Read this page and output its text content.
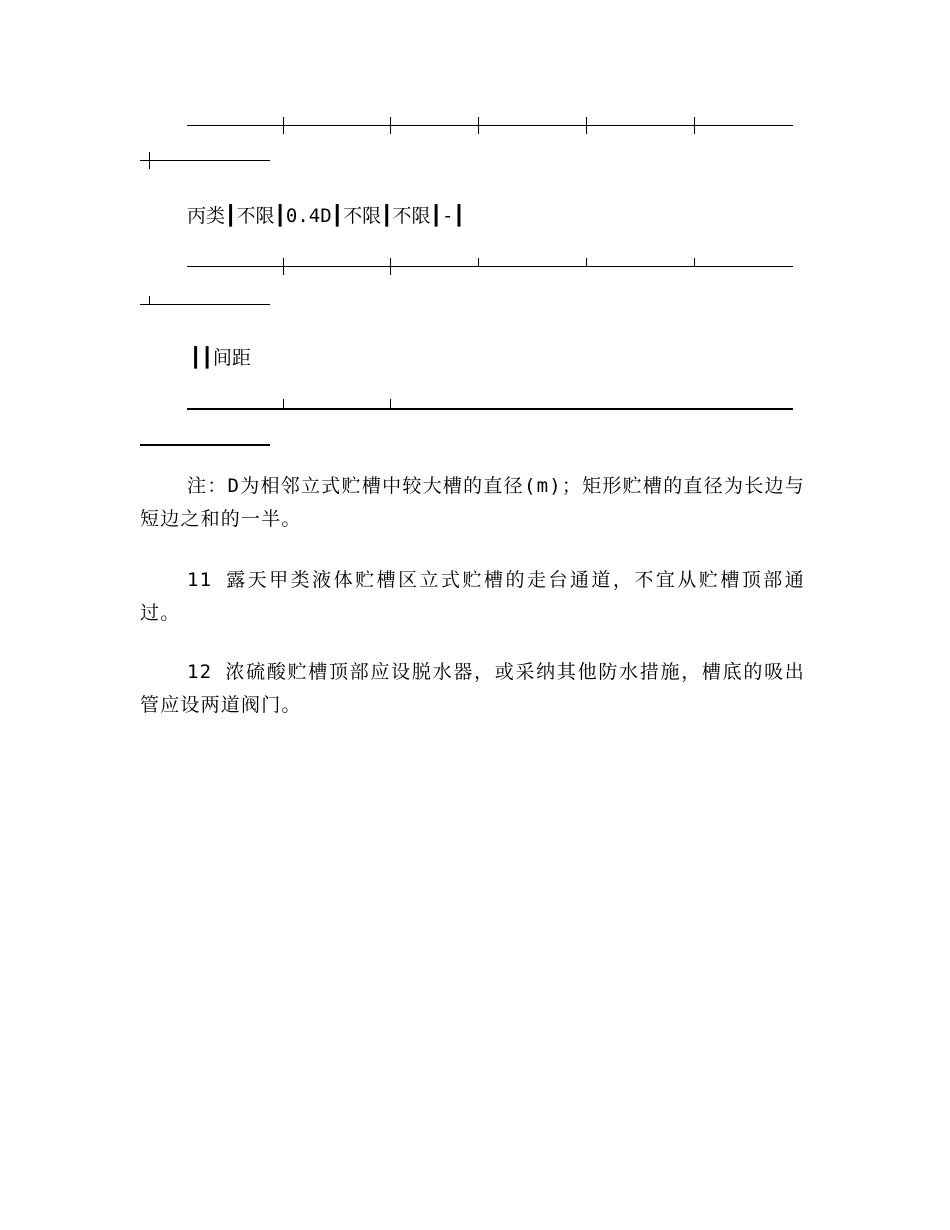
丙类┃不限┃0.4D┃不限┃不限┃-┃
┃┃间距

注：D为相邻立式贮槽中较大槽的直径(m)；矩形贮槽的直径为长边与短边之和的一半。

11 露天甲类液体贮槽区立式贮槽的走台通道，不宜从贮槽顶部通过。

12 浓硫酸贮槽顶部应设脱水器，或采纳其他防水措施，槽底的吸出管应设两道阀门。
